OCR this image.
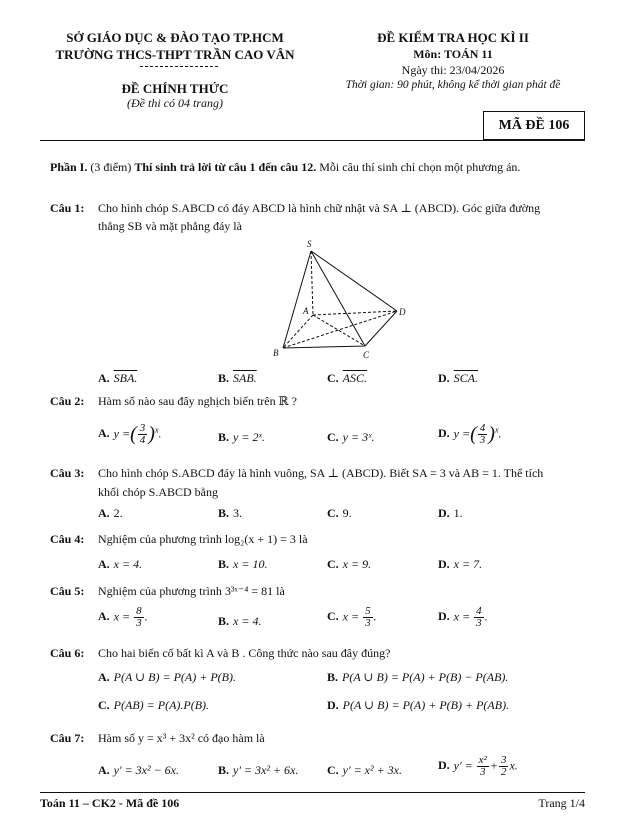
SỞ GIÁO DỤC & ĐÀO TẠO TP.HCM
TRƯỜNG THCS-THPT TRẦN CAO VÂN
ĐỀ CHÍNH THỨC
(Đề thi có 04 trang)
ĐỀ KIỂM TRA HỌC KÌ II
Môn: TOÁN 11
Ngày thi: 23/04/2026
Thời gian: 90 phút, không kể thời gian phát đề
MÃ ĐỀ 106
Phần I. (3 điểm) Thí sinh trả lời từ câu 1 đến câu 12. Mỗi câu thí sinh chỉ chọn một phương án.
Câu 1: Cho hình chóp S.ABCD có đáy ABCD là hình chữ nhật và SA ⊥ (ABCD). Góc giữa đường
thẳng SB và mặt phẳng đáy là
S
A
B	C
D
A. SBA.	B. SAB.	C. ASC.	D. SCA.
Câu 2: Hàm số nào sau đây nghịch biến trên ℝ ?
A. y =( $\frac{3}{4} )^x$.	B. y = 2ˣ.	C. y = 3ˣ.	D. y =( $\frac{4}{3} )^x$.
Câu 3: Cho hình chóp S.ABCD đáy là hình vuông, SA ⊥ (ABCD). Biết SA = 3 và AB = 1. Thể tích
khối chóp S.ABCD bằng
A. 2.	B. 3.	C. 9.	D. 1.
Câu 4: Nghiệm của phương trình log₂(x + 1) = 3 là
A. x = 4.	B. x = 10.	C. x = 9.	D. x = 7.
Câu 5: Nghiệm của phương trình 3³ˣ⁻⁴ = 81 là
A. $x = \frac{8}{3}$ .	B. x = 4.	C. $x = \frac{5}{3}$ .	D. $x = \frac{4}{3}$ .
Câu 6: Cho hai biến cố bất kì A và B . Công thức nào sau đây đúng?
A. P(A ∪ B) = P(A) + P(B).	B. P(A ∪ B) = P(A) + P(B) − P(AB).
C. P(AB) = P(A).P(B).	D. P(A ∪ B) = P(A) + P(B) + P(AB).
Câu 7: Hàm số y = x³ + 3x² có đạo hàm là
A. y' = 3x² − 6x.	B. y' = 3x² + 6x. C. y' = x² + 3x.	D. $y' = \frac{\text{x²}}{3} + \frac{3}{2} x$.
Toán 11 – CK2 - Mã đề 106	Trang 1/4
